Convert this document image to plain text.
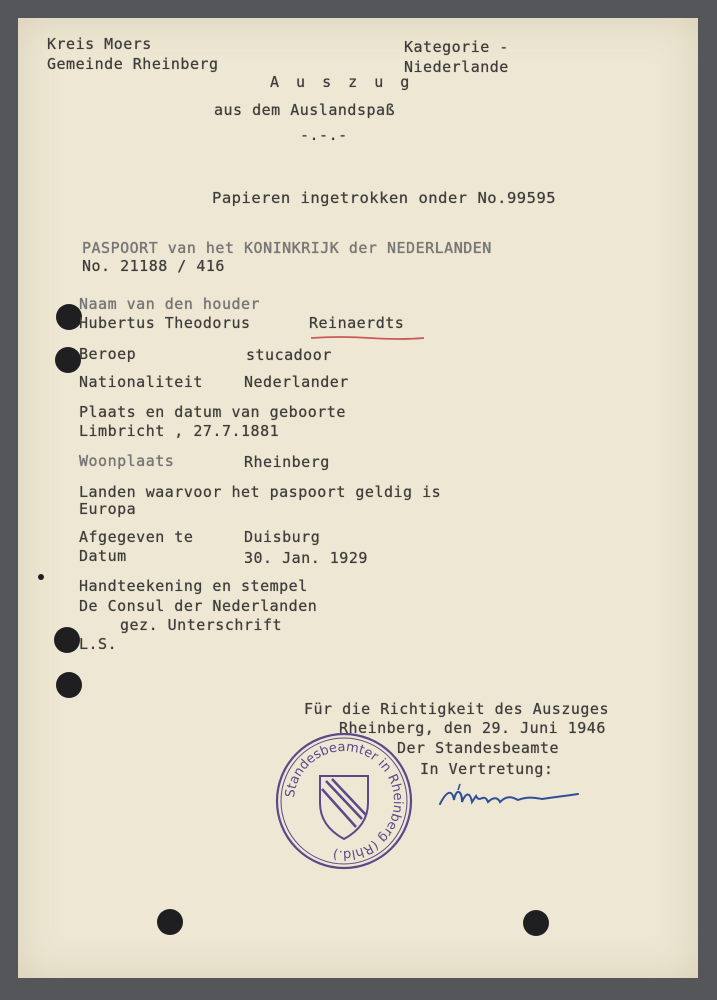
Kreis Moers
Gemeinde Rheinberg
Kategorie -
Niederlande
A u s z u g
aus dem Auslandspaß
-.-.-
Papieren ingetrokken onder No.99595
PASPOORT van het KONINKRIJK der NEDERLANDEN
No. 21188 / 416
Naam van den houder
Hubertus Theodorus	Reinaerdts
Beroep	stucadoor
Nationaliteit	Nederlander
Plaats en datum van geboorte
Limbricht , 27.7.1881
Woonplaats	Rheinberg
Landen waarvoor het paspoort geldig is
Europa
Afgegeven te	Duisburg
Datum	30. Jan. 1929
Handteekening en stempel
De Consul der Nederlanden
gez. Unterschrift
L.S.
Für die Richtigkeit des Auszuges
Rheinberg, den 29. Juni 1946
Der Standesbeamte
In Vertretung:
Standesbeamter in Rheinberg (Rhld.)
